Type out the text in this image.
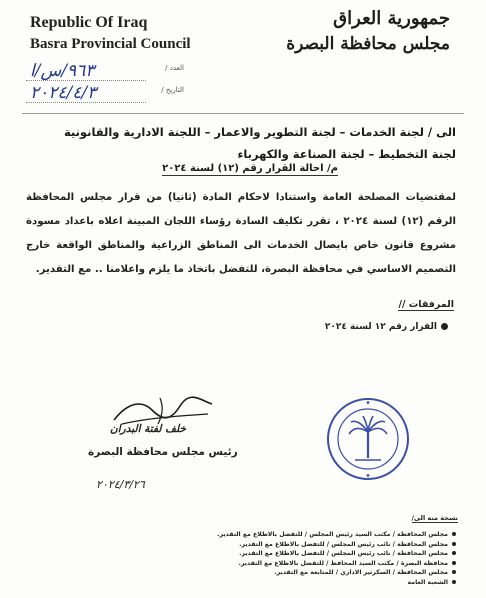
Republic Of Iraq
Basra Provincial Council
جمهورية العراق
مجلس محافظة البصرة
٩٦٣/س/ا	العدد /
٢٠٢٤/٤/٣	التاريخ /
الى / لجنة الخدمات – لجنة التطوير والاعمار – اللجنة الادارية والقانونية
لجنة التخطيط – لجنة الصناعة والكهرباء
م/ احالة القرار رقم (١٢) لسنة ٢٠٢٤
لمقتضيات المصلحة العامة واستنادا لاحكام المادة (ثانيا) من قرار مجلس المحافظة الرقم (١٢) لسنة ٢٠٢٤ ، تقرر تكليف السادة رؤساء اللجان المبينة اعلاه باعداد مسودة مشروع قانون خاص بايصال الخدمات الى المناطق الزراعية والمناطق الواقعة خارج التصميم الاساسي في محافظة البصرة، للتفضل باتخاذ ما يلزم واعلامنا .. مع التقدير.
المرفقات //
القرار رقم ١٢ لسنة ٢٠٢٤
خلف لفتة البدران
رئيس مجلس محافظة البصرة
٢٠٢٤/٣/٢٦
نسخة منه الى/
مجلس المحافظة / مكتب السيد رئيس المجلس / للتفضل بالاطلاع مع التقدير.
مجلس المحافظة / نائب رئيس المجلس / للتفضل بالاطلاع مع التقدير.
مجلس المحافظة / نائب رئيس المجلس / للتفضل بالاطلاع مع التقدير.
محافظة البصرة / مكتب السيد المحافظ / للتفضل بالاطلاع مع التقدير.
مجلس المحافظة / السكرتير الاداري / للمتابعة مع التقدير.
الشعبة العامة
